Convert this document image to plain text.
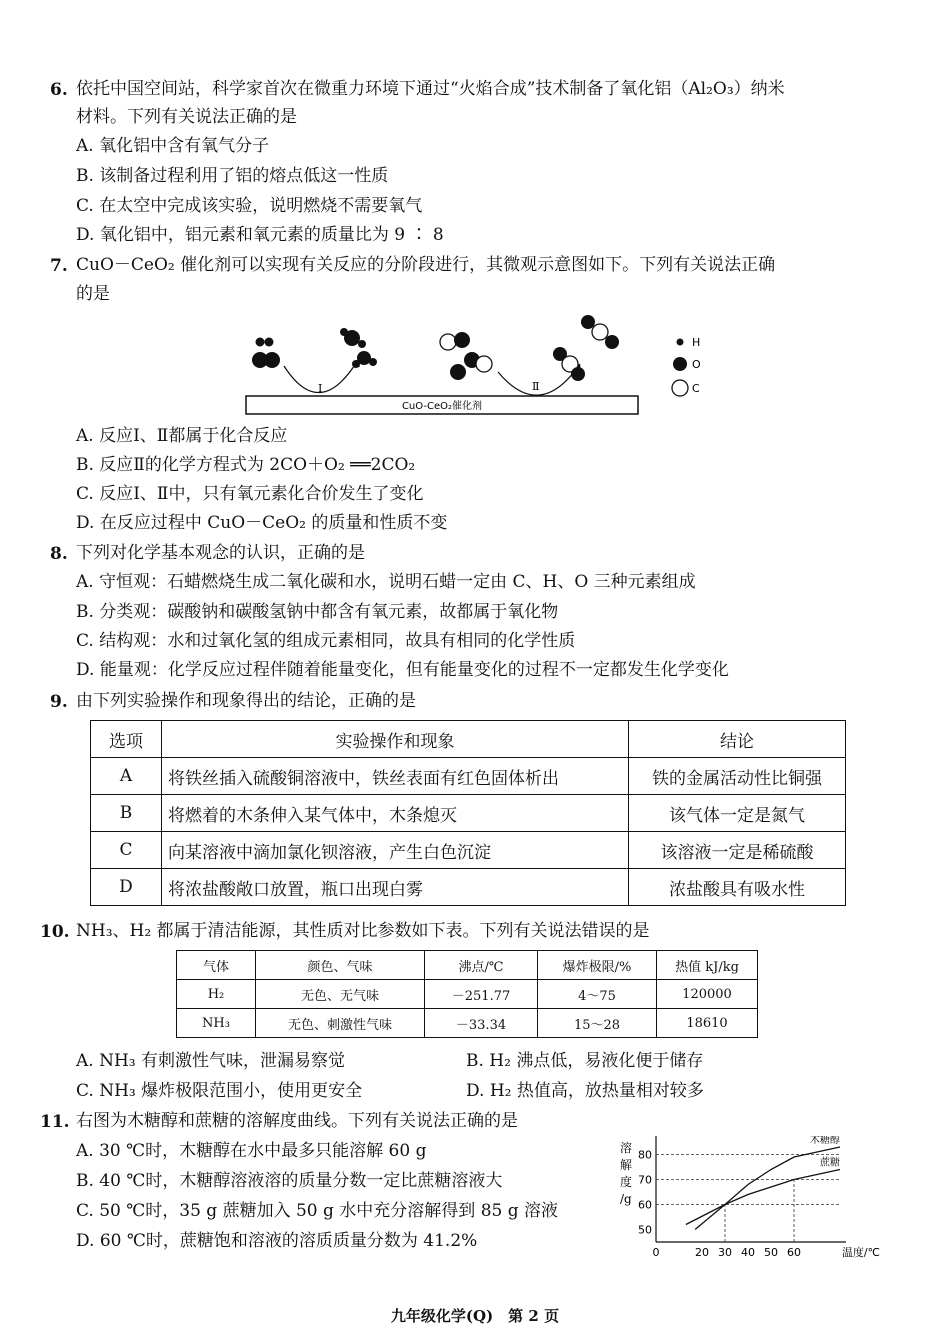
6. 依托中国空间站，科学家首次在微重力环境下通过“火焰合成”技术制备了氧化铝（Al₂O₃）纳米
材料。下列有关说法正确的是
A. 氧化铝中含有氧气分子
B. 该制备过程利用了铝的熔点低这一性质
C. 在太空中完成该实验，说明燃烧不需要氧气
D. 氧化铝中，铝元素和氧元素的质量比为 9 ∶ 8
7. CuO－CeO₂ 催化剂可以实现有关反应的分阶段进行，其微观示意图如下。下列有关说法正确
的是
CuO-CeO₂催化剂
Ⅰ	Ⅱ
H
O
C
A. 反应Ⅰ、Ⅱ都属于化合反应
B. 反应Ⅱ的化学方程式为 2CO＋O₂ ══2CO₂
C. 反应Ⅰ、Ⅱ中，只有氧元素化合价发生了变化
D. 在反应过程中 CuO－CeO₂ 的质量和性质不变
8. 下列对化学基本观念的认识，正确的是
A. 守恒观：石蜡燃烧生成二氧化碳和水，说明石蜡一定由 C、H、O 三种元素组成
B. 分类观：碳酸钠和碳酸氢钠中都含有氧元素，故都属于氧化物
C. 结构观：水和过氧化氢的组成元素相同，故具有相同的化学性质
D. 能量观：化学反应过程伴随着能量变化，但有能量变化的过程不一定都发生化学变化
9. 由下列实验操作和现象得出的结论，正确的是
选项	实验操作和现象	结论
A	将铁丝插入硫酸铜溶液中，铁丝表面有红色固体析出	铁的金属活动性比铜强
B	将燃着的木条伸入某气体中，木条熄灭	该气体一定是氮气
C	向某溶液中滴加氯化钡溶液，产生白色沉淀	该溶液一定是稀硫酸
D	将浓盐酸敞口放置，瓶口出现白雾	浓盐酸具有吸水性
10. NH₃、H₂ 都属于清洁能源，其性质对比参数如下表。下列有关说法错误的是
气体	颜色、气味	沸点/℃	爆炸极限/%	热值 kJ/kg
H₂	无色、无气味	－251.77	4～75	120000
NH₃	无色、刺激性气味	－33.34	15～28	18610
A. NH₃ 有刺激性气味，泄漏易察觉	B. H₂ 沸点低，易液化便于储存
C. NH₃ 爆炸极限范围小，使用更安全	D. H₂ 热值高，放热量相对较多
11. 右图为木糖醇和蔗糖的溶解度曲线。下列有关说法正确的是
A. 30 ℃时，木糖醇在水中最多只能溶解 60 g
B. 40 ℃时，木糖醇溶液溶的质量分数一定比蔗糖溶液大
C. 50 ℃时，35 g 蔗糖加入 50 g 水中充分溶解得到 85 g 溶液
D. 60 ℃时，蔗糖饱和溶液的溶质质量分数为 41.2%
50
60
70
80
0	20 30 40 50 60
溶
解
度
/g
温度/℃
木糖醇
蔗糖
九年级化学(Q)　第 2 页
